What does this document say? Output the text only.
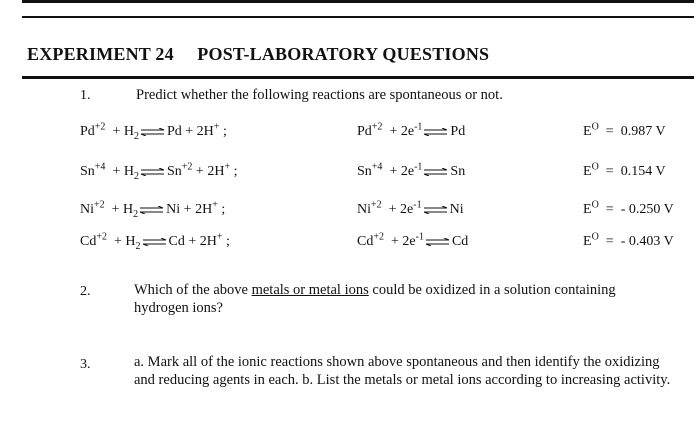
EXPERIMENT 24 POST-LABORATORY QUESTIONS
1.	Predict whether the following reactions are spontaneous or not.
$Pd^{+2}$ + $H_2\rightleftharpoons Pd + 2H^+$ ;	$Pd^{+2}$ + $2e^{-1}\rightleftharpoons Pd$	$E^O = 0.987$ V
$Sn^{+4}$ + $H_2\rightleftharpoons Sn^{+2} + 2H^+$ ;	$Sn^{+4}$ + $2e^{-1}\rightleftharpoons Sn$	$E^O = 0.154$ V
$Ni^{+2}$ + $H_2\rightleftharpoons Ni + 2H^+$ ;	$Ni^{+2}$ + $2e^{-1}\rightleftharpoons Ni$	$E^O$ = - 0.250 V
$Cd^{+2}$ + $H_2\rightleftharpoons Cd + 2H^+$ ;	$Cd^{+2}$ + $2e^{-1}\rightleftharpoons Cd$	$E^O$ = - 0.403 V
2.	Which of the above metals or metal ions could be oxidized in a solution containing hydrogen ions?
3.	a. Mark all of the ionic reactions shown above spontaneous and then identify the oxidizing and reducing agents in each. b. List the metals or metal ions according to increasing activity.
